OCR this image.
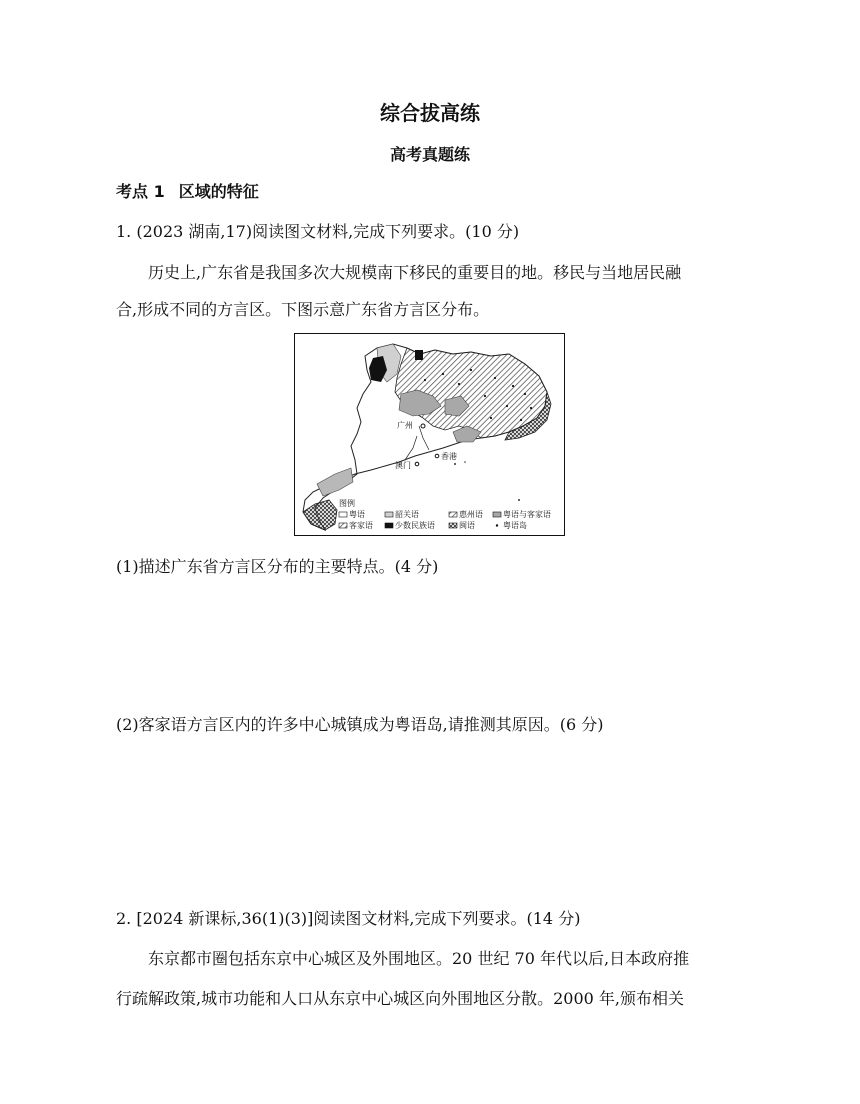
综合拔高练
高考真题练
考点 1 区域的特征
1. (2023 湖南,17)阅读图文材料,完成下列要求。(10 分)
历史上,广东省是我国多次大规模南下移民的重要目的地。移民与当地居民融
合,形成不同的方言区。下图示意广东省方言区分布。
广州
香港
澳门
图例
粤语	韶关语	惠州语	粤语与客家语
客家语	少数民族语	闽语	粤语岛
(1)描述广东省方言区分布的主要特点。(4 分)
(2)客家语方言区内的许多中心城镇成为粤语岛,请推测其原因。(6 分)
2. [2024 新课标,36(1)(3)]阅读图文材料,完成下列要求。(14 分)
东京都市圈包括东京中心城区及外围地区。20 世纪 70 年代以后,日本政府推
行疏解政策,城市功能和人口从东京中心城区向外围地区分散。2000 年,颁布相关
